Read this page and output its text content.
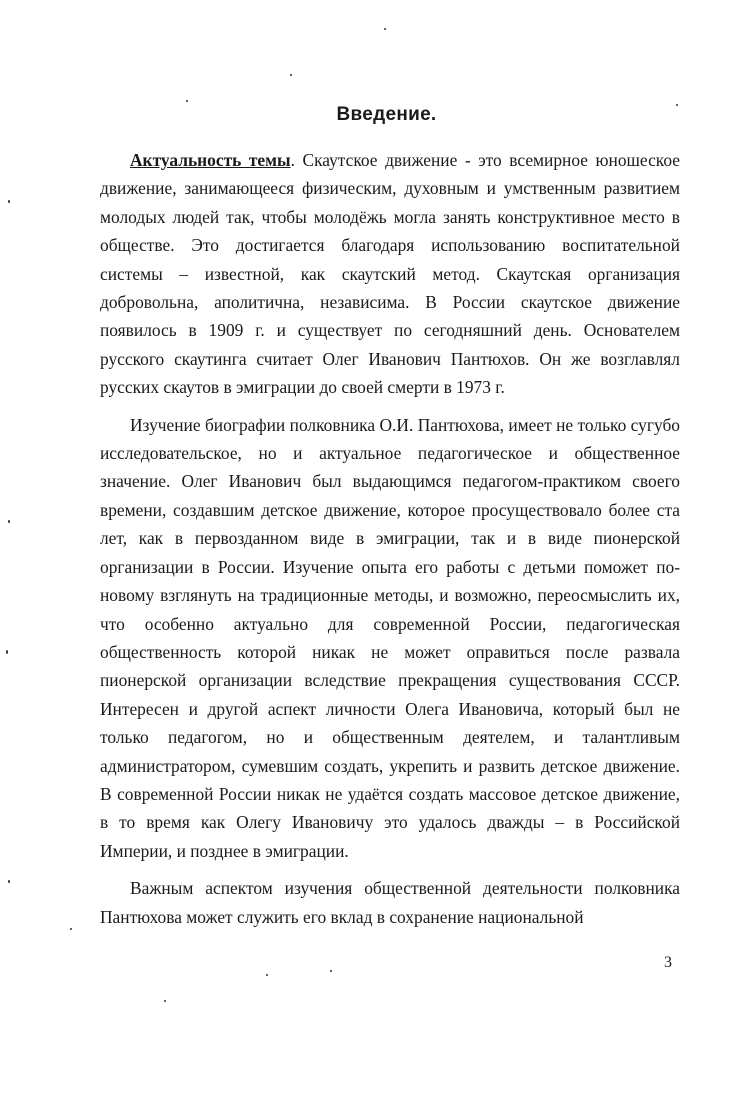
Введение.

Актуальность темы. Скаутское движение - это всемирное юношеское движение, занимающееся физическим, духовным и умственным развитием молодых людей так, чтобы молодёжь могла занять конструктивное место в обществе. Это достигается благодаря использованию воспитательной системы – известной, как скаутский метод. Скаутская организация добровольна, аполитична, независима. В России скаутское движение появилось в 1909 г. и существует по сегодняшний день. Основателем русского скаутинга считает Олег Иванович Пантюхов. Он же возглавлял русских скаутов в эмиграции до своей смерти в 1973 г.

Изучение биографии полковника О.И. Пантюхова, имеет не только сугубо исследовательское, но и актуальное педагогическое и общественное значение. Олег Иванович был выдающимся педагогом-практиком своего времени, создавшим детское движение, которое просуществовало более ста лет, как в первозданном виде в эмиграции, так и в виде пионерской организации в России. Изучение опыта его работы с детьми поможет по-новому взглянуть на традиционные методы, и возможно, переосмыслить их, что особенно актуально для современной России, педагогическая общественность которой никак не может оправиться после развала пионерской организации вследствие прекращения существования СССР. Интересен и другой аспект личности Олега Ивановича, который был не только педагогом, но и общественным деятелем, и талантливым администратором, сумевшим создать, укрепить и развить детское движение. В современной России никак не удаётся создать массовое детское движение, в то время как Олегу Ивановичу это удалось дважды – в Российской Империи, и позднее в эмиграции.

Важным аспектом изучения общественной деятельности полковника Пантюхова может служить его вклад в сохранение национальной

3
